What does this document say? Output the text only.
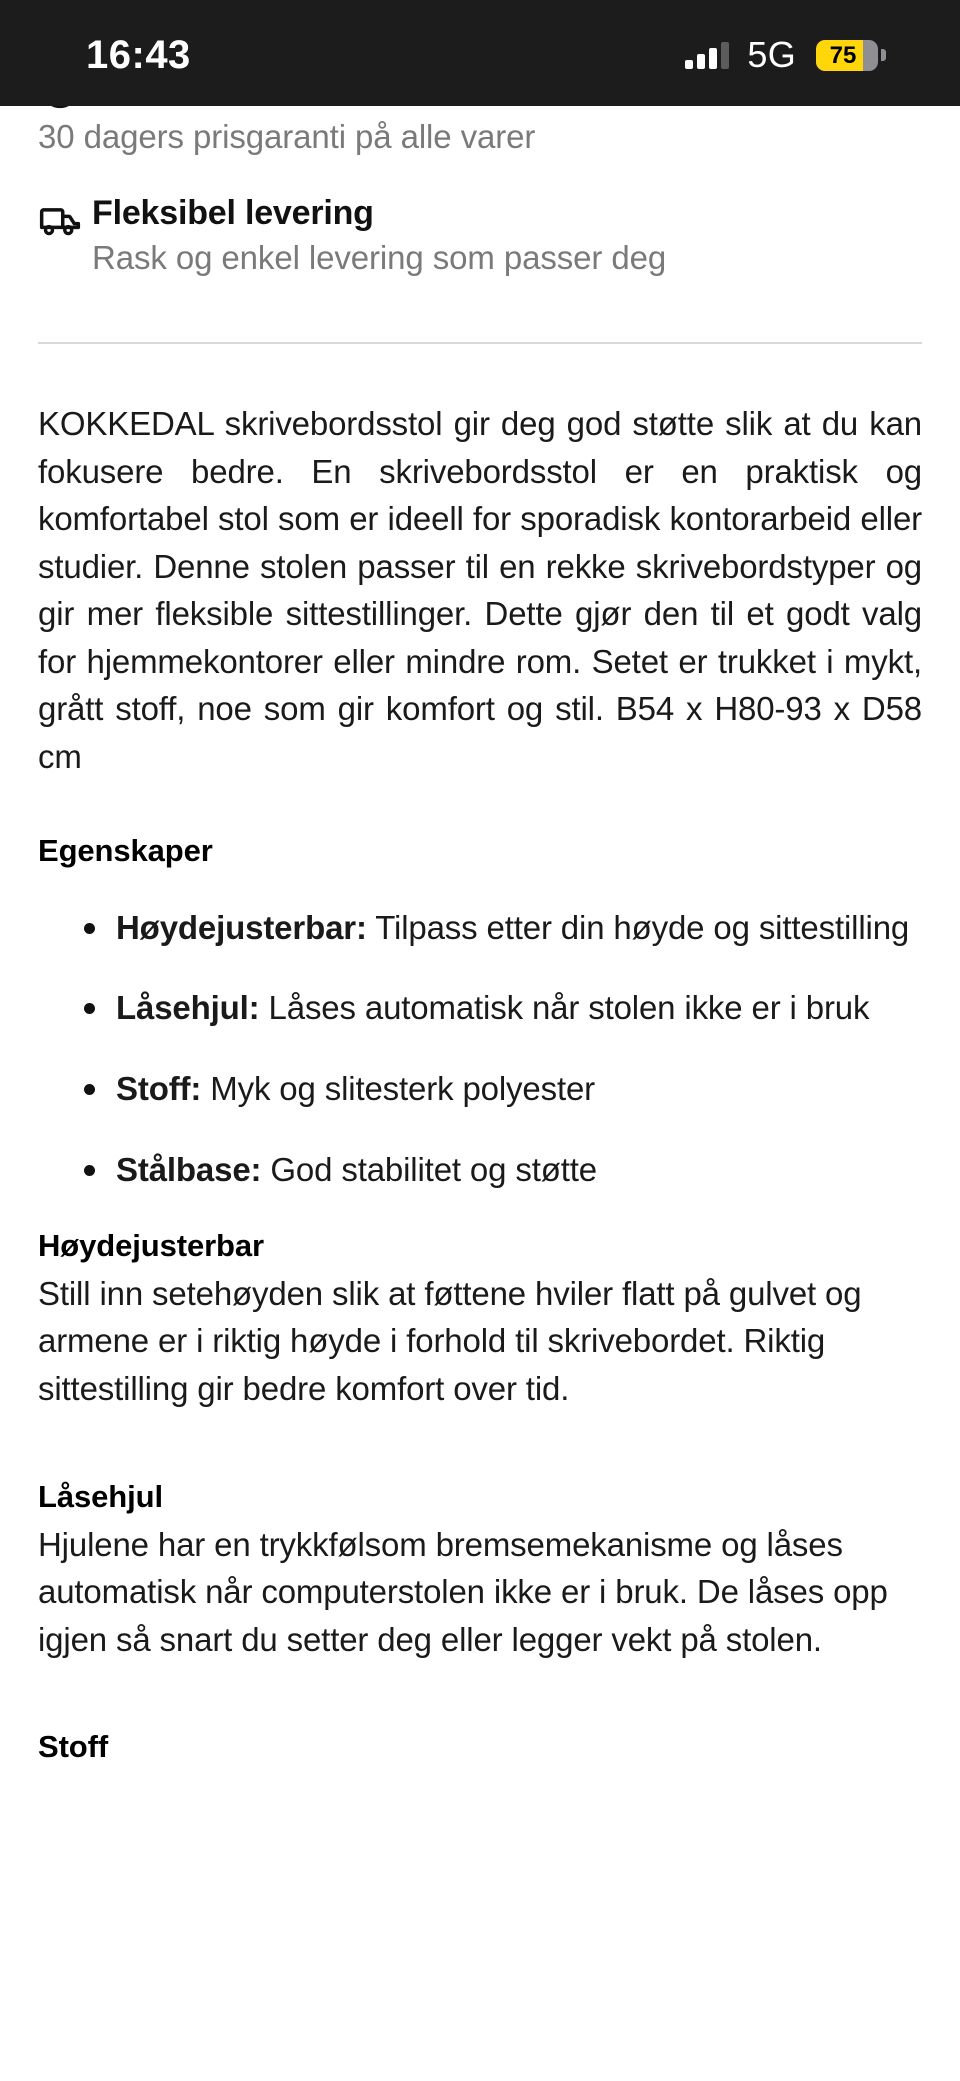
16:43	5G	75
30 dagers prisgaranti på alle varer
Fleksibel levering
Rask og enkel levering som passer deg

KOKKEDAL skrivebordsstol gir deg god støtte slik at du kan fokusere bedre. En skrivebordsstol er en praktisk og komfortabel stol som er ideell for sporadisk kontorarbeid eller studier. Denne stolen passer til en rekke skrivebordstyper og gir mer fleksible sittestillinger. Dette gjør den til et godt valg for hjemmekontorer eller mindre rom. Setet er trukket i mykt, grått stoff, noe som gir komfort og stil. B54 x H80-93 x D58 cm

Egenskaper
Høydejusterbar: Tilpass etter din høyde og sittestilling
Låsehjul: Låses automatisk når stolen ikke er i bruk
Stoff: Myk og slitesterk polyester
Stålbase: God stabilitet og støtte
Høydejusterbar
Still inn setehøyden slik at føttene hviler flatt på gulvet og armene er i riktig høyde i forhold til skrivebordet. Riktig sittestilling gir bedre komfort over tid.
Låsehjul
Hjulene har en trykkfølsom bremsemekanisme og låses automatisk når computerstolen ikke er i bruk. De låses opp igjen så snart du setter deg eller legger vekt på stolen.
Stoff
